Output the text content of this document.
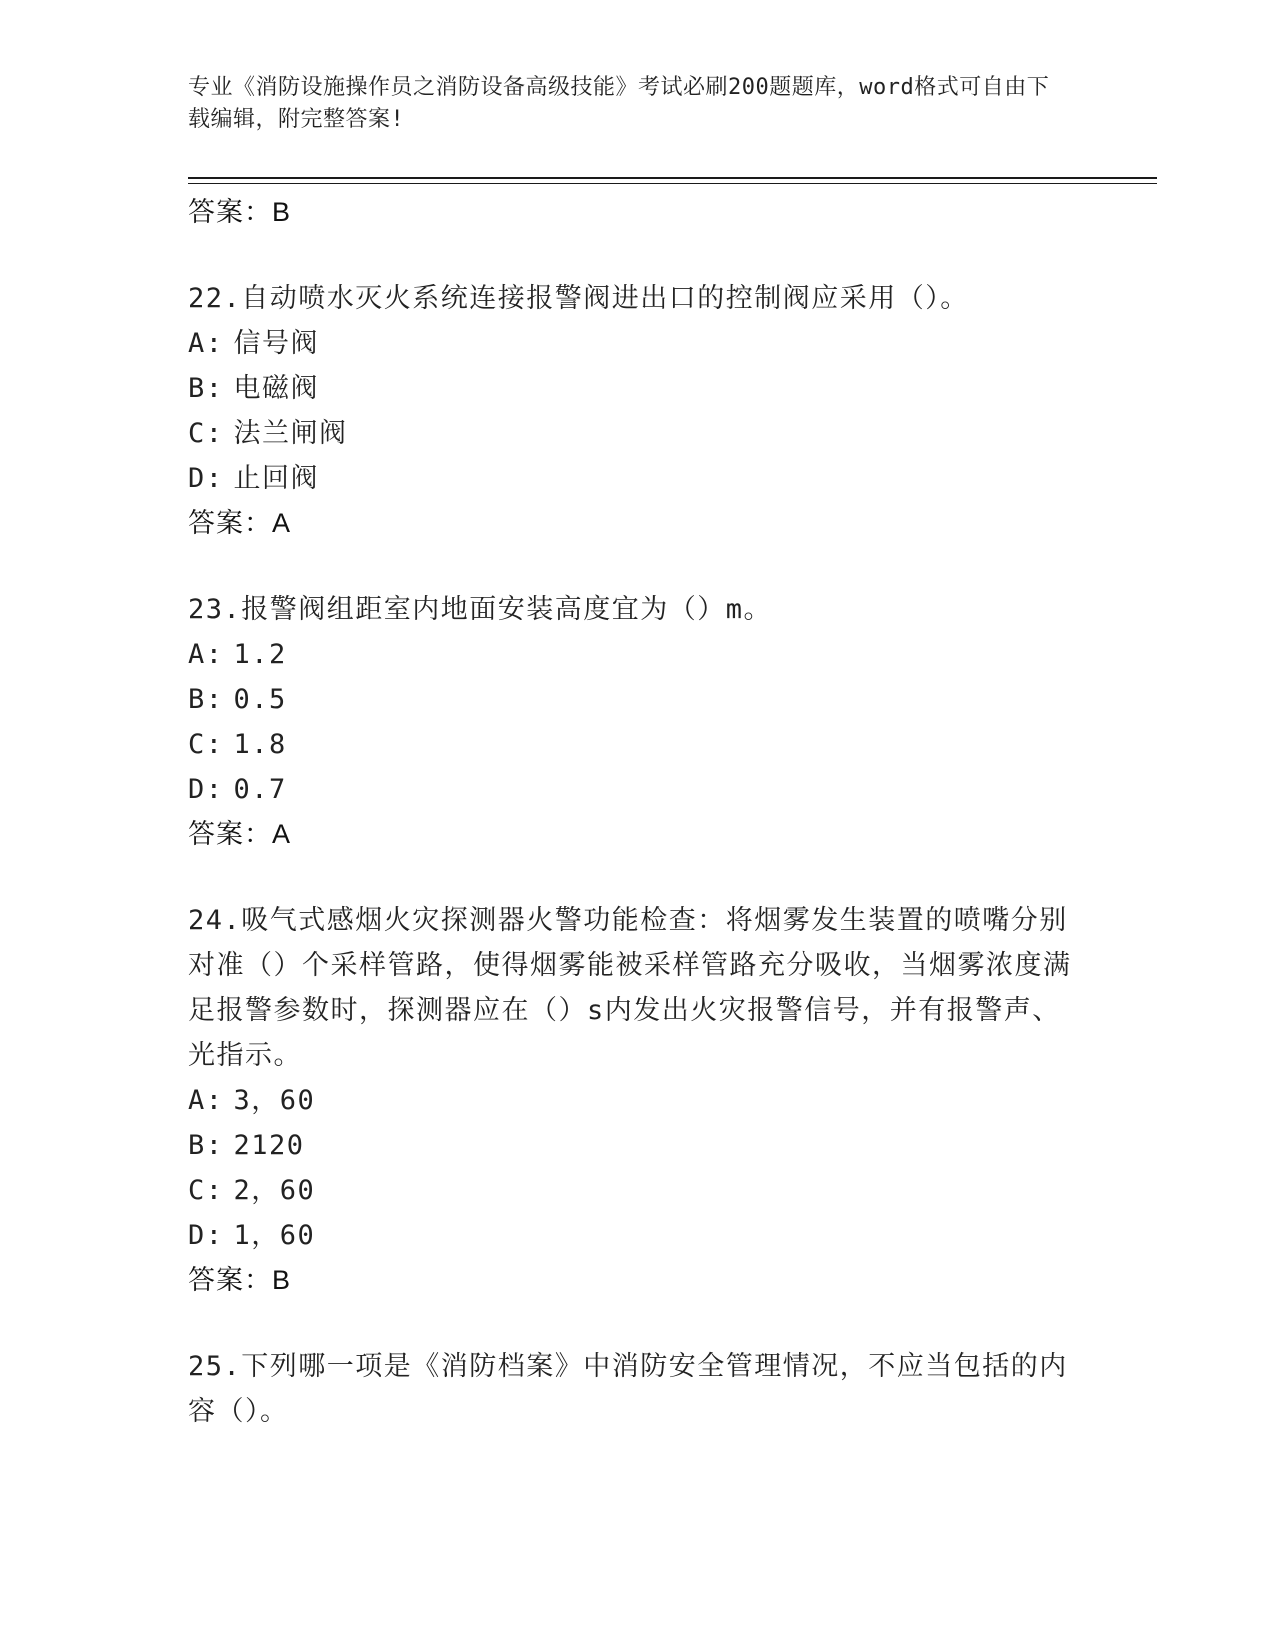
专业《消防设施操作员之消防设备高级技能》考试必刷200题题库，word格式可自由下载编辑，附完整答案!
答案：B
22.自动喷水灭火系统连接报警阀进出口的控制阀应采用（）。
A: 信号阀
B: 电磁阀
C: 法兰闸阀
D: 止回阀
答案：A
23.报警阀组距室内地面安装高度宜为（）m。
A: 1.2
B: 0.5
C: 1.8
D: 0.7
答案：A
24.吸气式感烟火灾探测器火警功能检查：将烟雾发生装置的喷嘴分别对准（）个采样管路，使得烟雾能被采样管路充分吸收，当烟雾浓度满足报警参数时，探测器应在（）s内发出火灾报警信号，并有报警声、光指示。
A: 3，60
B: 2120
C: 2，60
D: 1，60
答案：B
25.下列哪一项是《消防档案》中消防安全管理情况，不应当包括的内容（）。
